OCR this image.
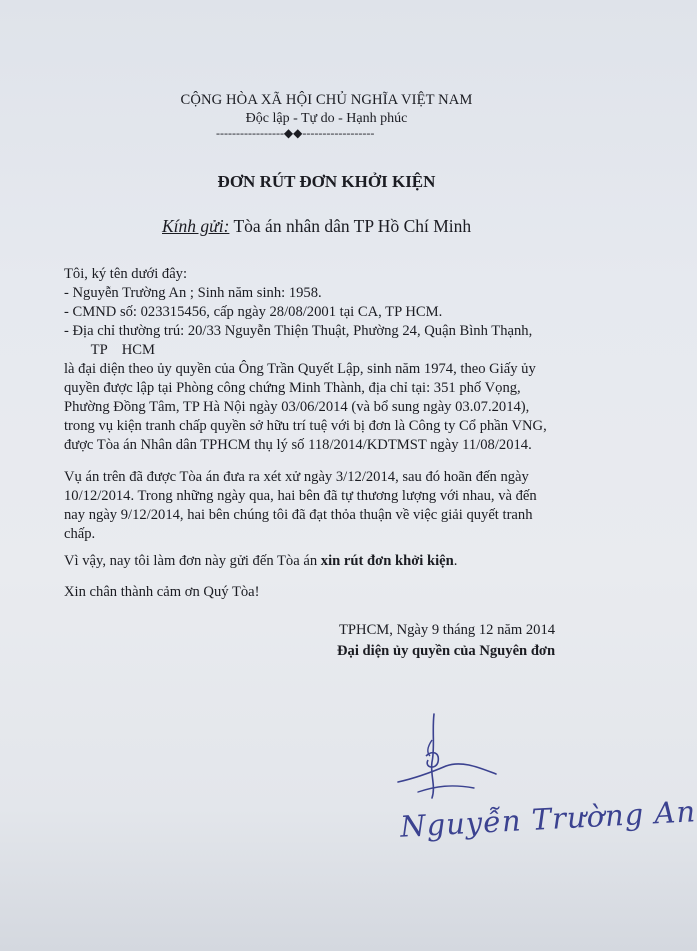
CỘNG HÒA XÃ HỘI CHỦ NGHĨA VIỆT NAM
Độc lập - Tự do - Hạnh phúc
-----------------◆◆------------------
ĐƠN RÚT ĐƠN KHỞI KIỆN
Kính gửi: Tòa án nhân dân TP Hồ Chí Minh
Tôi, ký tên dưới đây:
- Nguyễn Trường An ; Sinh năm sinh: 1958.
- CMND số: 023315456, cấp ngày 28/08/2001 tại CA, TP HCM.
- Địa chỉ thường trú: 20/33 Nguyễn Thiện Thuật, Phường 24, Quận Bình Thạnh,
TP    HCM
là đại diện theo ủy quyền của Ông Trần Quyết Lập, sinh năm 1974, theo Giấy ủy
quyền được lập tại Phòng công chứng Minh Thành, địa chỉ tại: 351 phố Vọng,
Phường Đồng Tâm, TP Hà Nội ngày 03/06/2014 (và bổ sung ngày 03.07.2014),
trong vụ kiện tranh chấp quyền sở hữu trí tuệ với bị đơn là Công ty Cổ phần VNG,
được Tòa án Nhân dân TPHCM thụ lý số 118/2014/KDTMST ngày 11/08/2014.
Vụ án trên đã được Tòa án đưa ra xét xử ngày 3/12/2014, sau đó hoãn đến ngày
10/12/2014. Trong những ngày qua, hai bên đã tự thương lượng với nhau, và đến
nay ngày 9/12/2014, hai bên chúng tôi đã đạt thỏa thuận về việc giải quyết tranh
chấp.
Vì vậy, nay tôi làm đơn này gửi đến Tòa án xin rút đơn khởi kiện.
Xin chân thành cảm ơn Quý Tòa!
TPHCM, Ngày 9 tháng 12 năm 2014
Đại diện ủy quyền của Nguyên đơn
Nguyễn Trường An
